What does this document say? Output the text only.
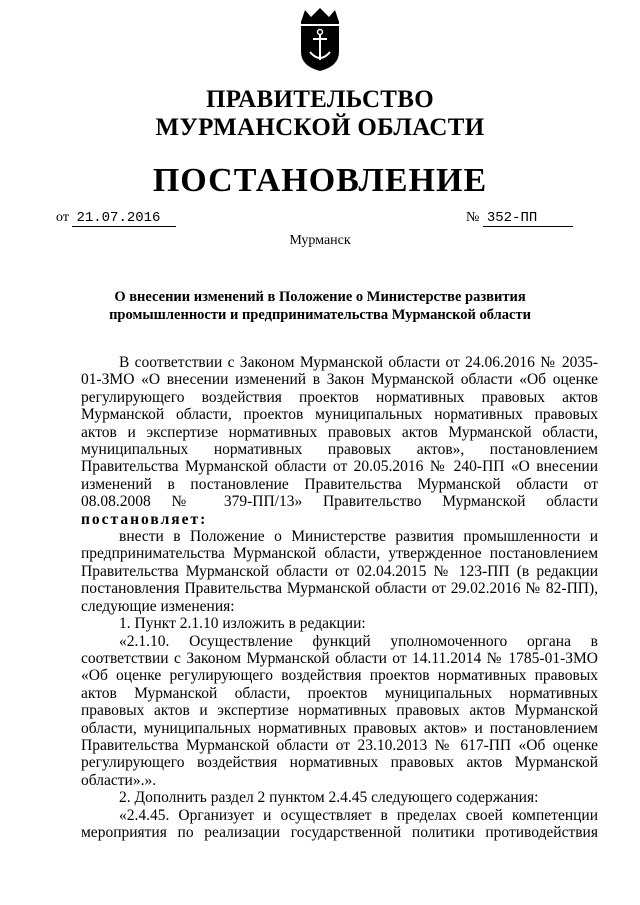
ПРАВИТЕЛЬСТВО
МУРМАНСКОЙ ОБЛАСТИ
ПОСТАНОВЛЕНИЕ
от 21.07.2016	№ 352-ПП
Мурманск
О внесении изменений в Положение о Министерстве развития
промышленности и предпринимательства Мурманской области

В соответствии с Законом Мурманской области от 24.06.2016 № 2035-01-ЗМО «О внесении изменений в Закон Мурманской области «Об оценке регулирующего воздействия проектов нормативных правовых актов Мурманской области, проектов муниципальных нормативных правовых актов и экспертизе нормативных правовых актов Мурманской области, муниципальных нормативных правовых актов», постановлением Правительства Мурманской области от 20.05.2016 № 240-ПП «О внесении изменений в постановление Правительства Мурманской области от 08.08.2008 № 379-ПП/13» Правительство Мурманской области постановляет:

внести в Положение о Министерстве развития промышленности и предпринимательства Мурманской области, утвержденное постановлением Правительства Мурманской области от 02.04.2015 № 123-ПП (в редакции постановления Правительства Мурманской области от 29.02.2016 № 82-ПП), следующие изменения:

1. Пункт 2.1.10 изложить в редакции:

«2.1.10. Осуществление функций уполномоченного органа в соответствии с Законом Мурманской области от 14.11.2014 № 1785-01-ЗМО «Об оценке регулирующего воздействия проектов нормативных правовых актов Мурманской области, проектов муниципальных нормативных правовых актов и экспертизе нормативных правовых актов Мурманской области, муниципальных нормативных правовых актов» и постановлением Правительства Мурманской области от 23.10.2013 № 617-ПП «Об оценке регулирующего воздействия нормативных правовых актов Мурманской области».».

2. Дополнить раздел 2 пунктом 2.4.45 следующего содержания:

«2.4.45. Организует и осуществляет в пределах своей компетенции мероприятия по реализации государственной политики противодействия
